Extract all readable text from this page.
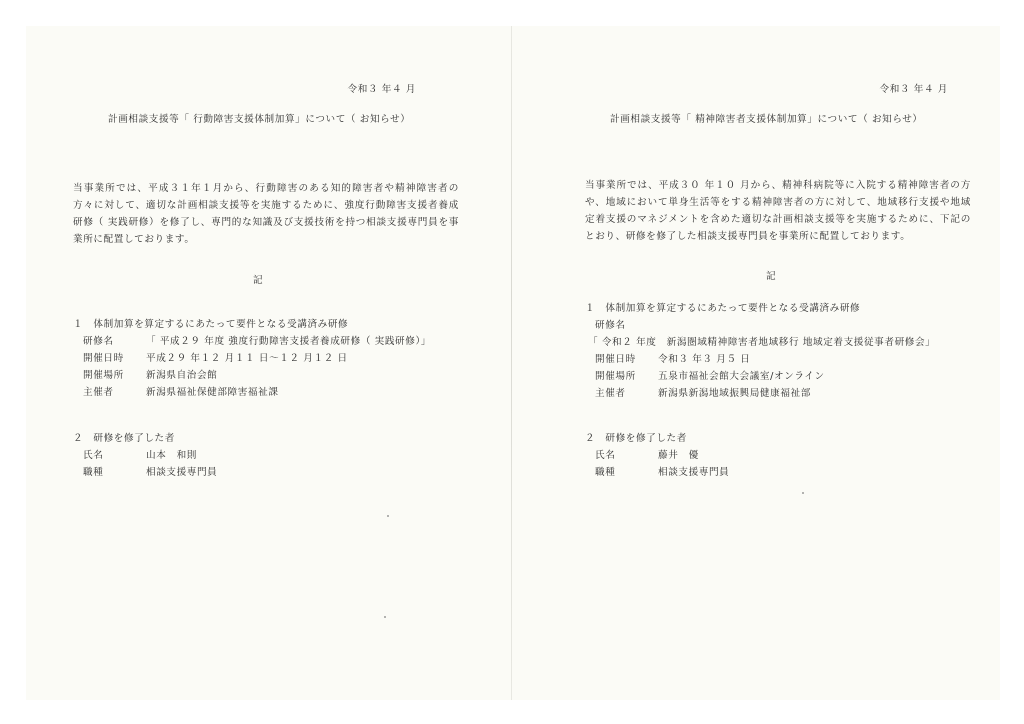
令和３ 年４ 月
計画相談支援等「 行動障害支援体制加算」について（ お知らせ）
当事業所では、平成３１年１月から、行動障害のある知的障害者や精神障害者の方々に対して、適切な計画相談支援等を実施するために、強度行動障害支援者養成研修（ 実践研修）を修了し、専門的な知識及び支援技術を持つ相談支援専門員を事業所に配置しております。
記
１　体制加算を算定するにあたって要件となる受講済み研修
研修名	「 平成２９ 年度 強度行動障害支援者養成研修（ 実践研修）」
開催日時 平成２９ 年１２ 月１１ 日～１２ 月１２ 日
開催場所 新潟県自治会館
主催者	新潟県福祉保健部障害福祉課
２　研修を修了した者
氏名	山本　和則
職種	相談支援専門員
令和３ 年４ 月
計画相談支援等「 精神障害者支援体制加算」について（ お知らせ）
当事業所では、平成３０ 年１０ 月から、精神科病院等に入院する精神障害者の方や、地域において単身生活等をする精神障害者の方に対して、地域移行支援や地域定着支援のマネジメントを含めた適切な計画相談支援等を実施するために、下記のとおり、研修を修了した相談支援専門員を事業所に配置しております。
記
１　体制加算を算定するにあたって要件となる受講済み研修
研修名
「 令和２ 年度　新潟圏域精神障害者地域移行 地域定着支援従事者研修会」
開催日時 令和３ 年３ 月５ 日
開催場所 五泉市福祉会館大会議室/オンライン
主催者	新潟県新潟地域振興局健康福祉部
２　研修を修了した者
氏名	藤井　優
職種	相談支援専門員
